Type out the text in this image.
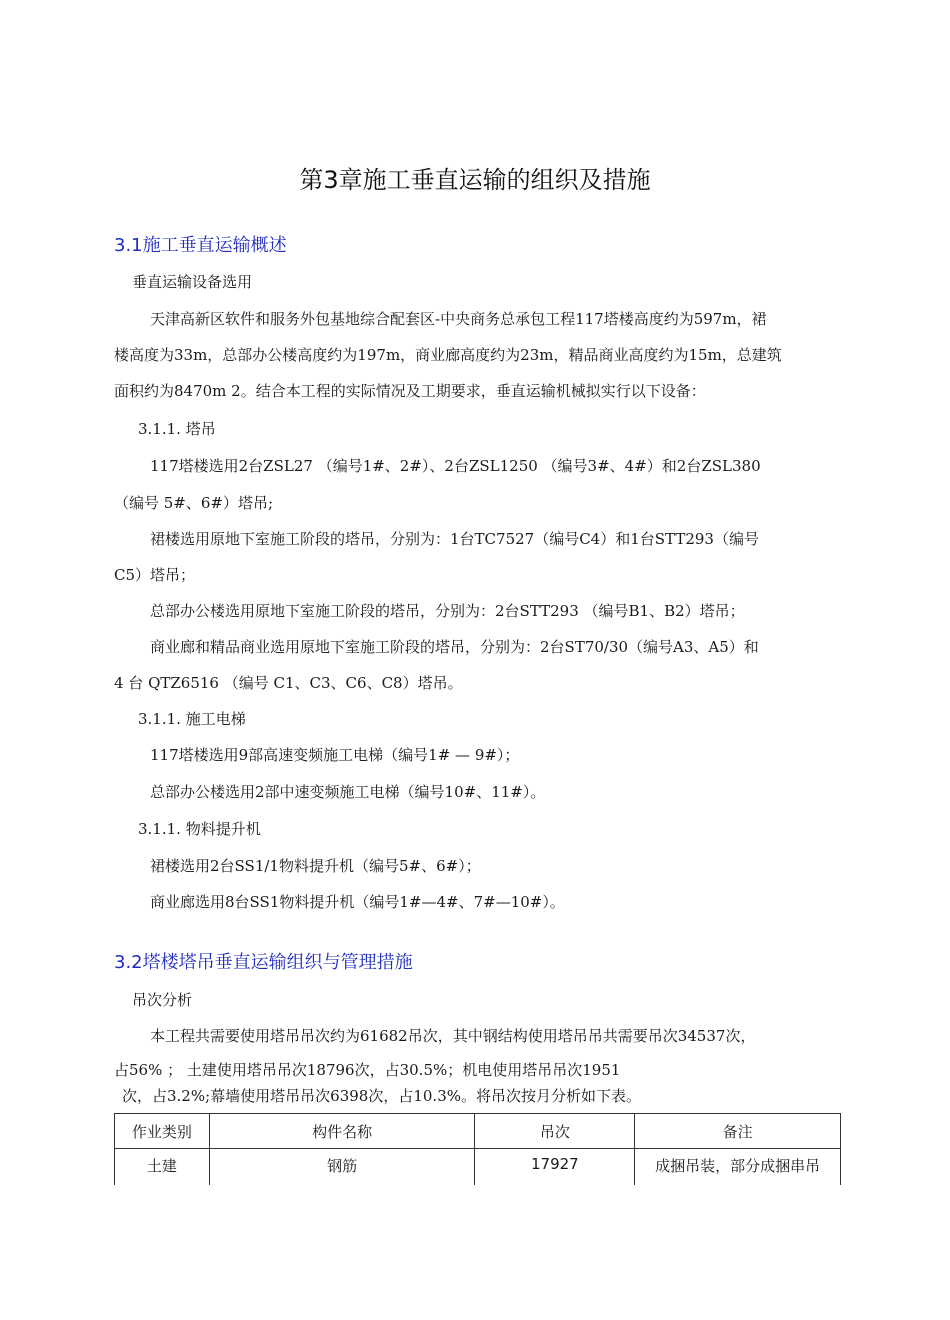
第3章施工垂直运输的组织及措施
3.1施工垂直运输概述
垂直运输设备选用
天津高新区软件和服务外包基地综合配套区-中央商务总承包工程117塔楼高度约为597m，裙
楼高度为33m，总部办公楼高度约为197m，商业廊高度约为23m，精品商业高度约为15m，总建筑
面积约为8470m 2。结合本工程的实际情况及工期要求，垂直运输机械拟实行以下设备：
3.1.1. 塔吊
117塔楼选用2台ZSL27 （编号1#、2#）、2台ZSL1250 （编号3#、4#）和2台ZSL380
（编号 5#、6#）塔吊;
裙楼选用原地下室施工阶段的塔吊，分别为：1台TC7527（编号C4）和1台STT293（编号
C5）塔吊；
总部办公楼选用原地下室施工阶段的塔吊，分别为：2台STT293 （编号B1、B2）塔吊；
商业廊和精品商业选用原地下室施工阶段的塔吊，分别为：2台ST70/30（编号A3、A5）和
4 台 QTZ6516 （编号 C1、C3、C6、C8）塔吊。
3.1.1. 施工电梯
117塔楼选用9部高速变频施工电梯（编号1# — 9#）；
总部办公楼选用2部中速变频施工电梯（编号10#、11#）。
3.1.1. 物料提升机
裙楼选用2台SS1/1物料提升机（编号5#、6#）；
商业廊选用8台SS1物料提升机（编号1#—4#、7#—10#）。
3.2塔楼塔吊垂直运输组织与管理措施
吊次分析
本工程共需要使用塔吊吊次约为61682吊次，其中钢结构使用塔吊吊共需要吊次34537次，
占56% ； 土建使用塔吊吊次18796次，占30.5%；机电使用塔吊吊次1951
次，占3.2%;幕墙使用塔吊吊次6398次，占10.3%。将吊次按月分析如下表。
作业类别	构件名称	吊次	备注
土建	钢筋	17927	成捆吊装，部分成捆串吊
